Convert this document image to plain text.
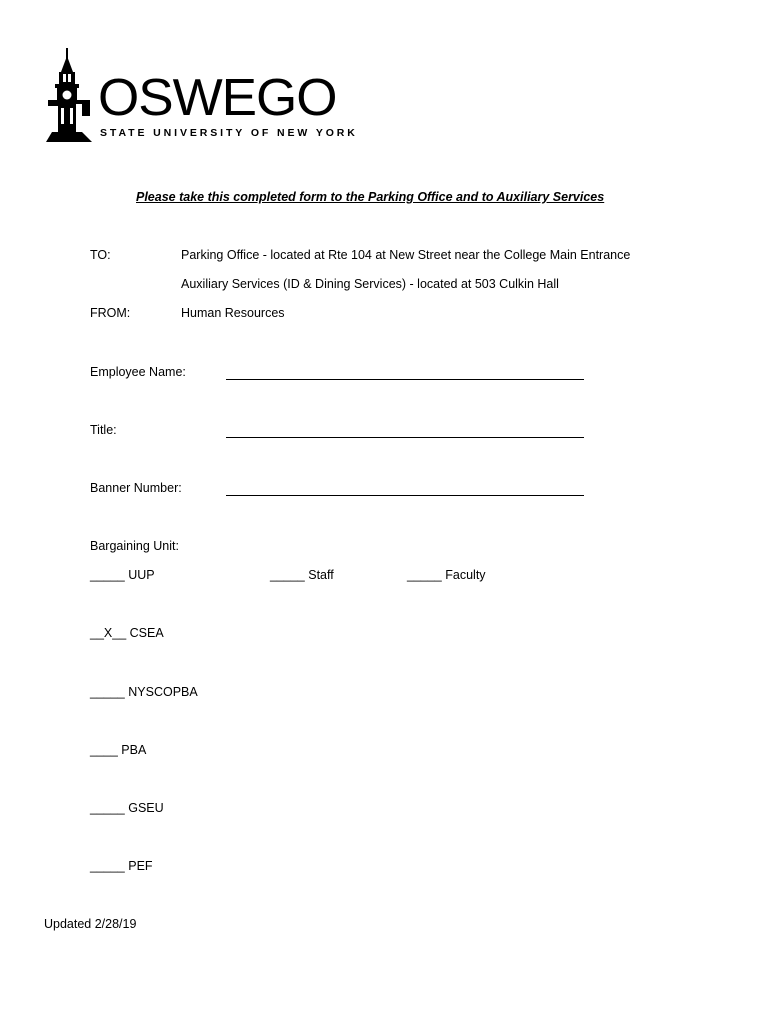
OSWEGO
STATE UNIVERSITY OF NEW YORK
Please take this completed form to the Parking Office and to Auxiliary Services
TO:	Parking Office - located at Rte 104 at New Street near the College Main Entrance
Auxiliary Services (ID & Dining Services) - located at 503 Culkin Hall
FROM:	Human Resources
Employee Name:
Title:
Banner Number:
Bargaining Unit:
_____ UUP	_____ Staff	_____ Faculty
__X__ CSEA
_____ NYSCOPBA
____ PBA
_____ GSEU
_____ PEF
Updated 2/28/19
